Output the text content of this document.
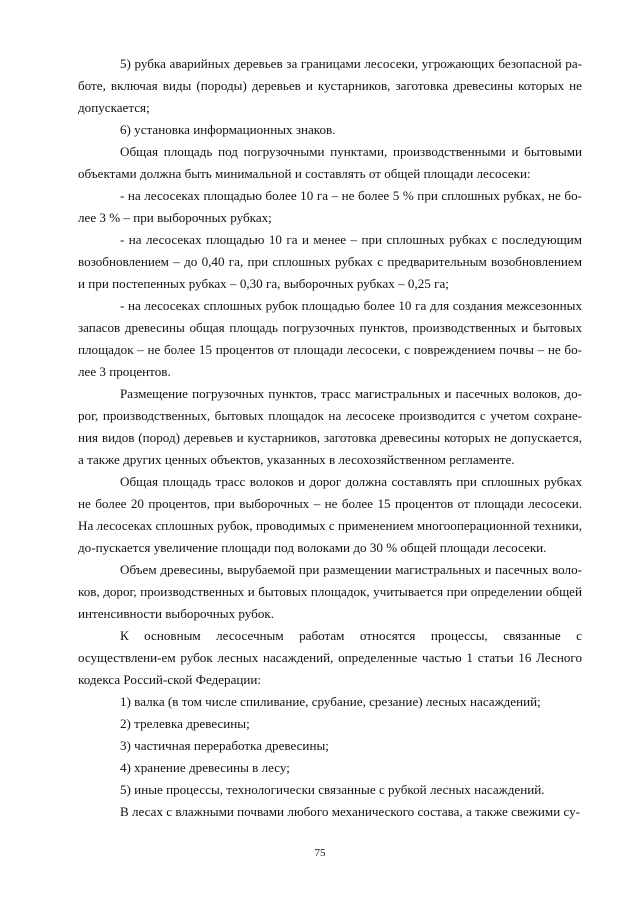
5) рубка аварийных деревьев за границами лесосеки, угрожающих безопасной ра-боте, включая виды (породы) деревьев и кустарников, заготовка древесины которых не допускается;

6) установка информационных знаков.

Общая площадь под погрузочными пунктами, производственными и бытовыми объектами должна быть минимальной и составлять от общей площади лесосеки:

- на лесосеках площадью более 10 га – не более 5 % при сплошных рубках, не бо-лее 3 % – при выборочных рубках;

- на лесосеках площадью 10 га и менее – при сплошных рубках с последующим возобновлением – до 0,40 га, при сплошных рубках с предварительным возобновлением и при постепенных рубках – 0,30 га, выборочных рубках – 0,25 га;

- на лесосеках сплошных рубок площадью более 10 га для создания межсезонных запасов древесины общая площадь погрузочных пунктов, производственных и бытовых площадок – не более 15 процентов от площади лесосеки, с повреждением почвы – не бо-лее 3 процентов.

Размещение погрузочных пунктов, трасс магистральных и пасечных волоков, до-рог, производственных, бытовых площадок на лесосеке производится с учетом сохране-ния видов (пород) деревьев и кустарников, заготовка древесины которых не допускается, а также других ценных объектов, указанных в лесохозяйственном регламенте.

Общая площадь трасс волоков и дорог должна составлять при сплошных рубках не более 20 процентов, при выборочных – не более 15 процентов от площади лесосеки. На лесосеках сплошных рубок, проводимых с применением многооперационной техники, до-пускается увеличение площади под волоками до 30 % общей площади лесосеки.

Объем древесины, вырубаемой при размещении магистральных и пасечных воло-ков, дорог, производственных и бытовых площадок, учитывается при определении общей интенсивности выборочных рубок.

К основным лесосечным работам относятся процессы, связанные с осуществлени-ем рубок лесных насаждений, определенные частью 1 статьи 16 Лесного кодекса Россий-ской Федерации:

1) валка (в том числе спиливание, срубание, срезание) лесных насаждений;

2) трелевка древесины;

3) частичная переработка древесины;

4) хранение древесины в лесу;

5) иные процессы, технологически связанные с рубкой лесных насаждений.

В лесах с влажными почвами любого механического состава, а также свежими су-

75
